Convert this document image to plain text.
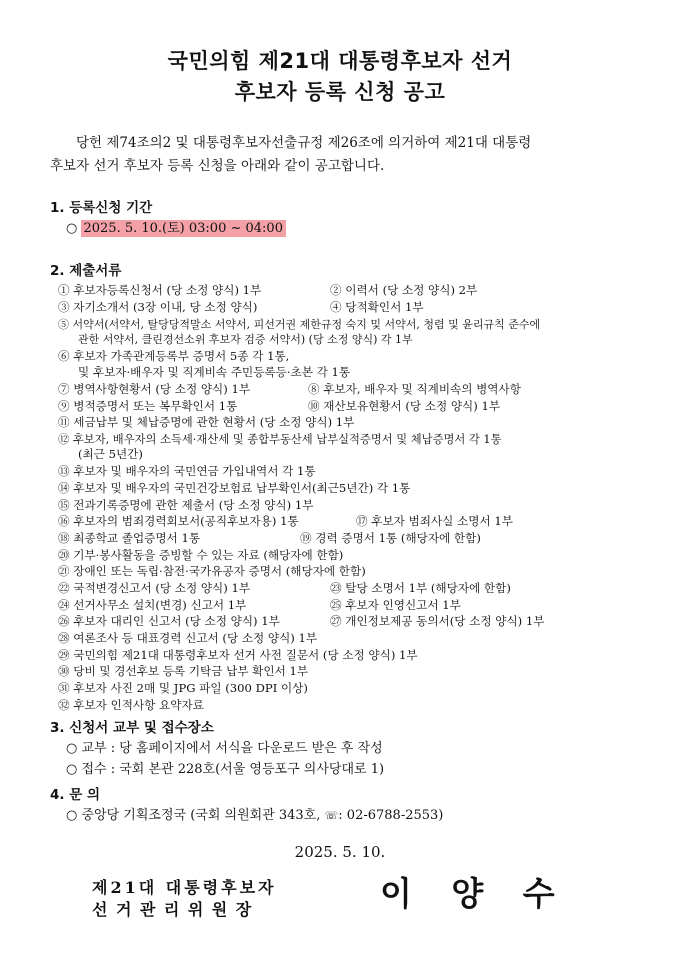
국민의힘 제21대 대통령후보자 선거
후보자 등록 신청 공고
당헌 제74조의2 및 대통령후보자선출규정 제26조에 의거하여 제21대 대통령
후보자 선거 후보자 등록 신청을 아래와 같이 공고합니다.
1. 등록신청 기간
○ 2025. 5. 10.(토) 03:00 ~ 04:00
2. 제출서류
① 후보자등록신청서 (당 소정 양식) 1부	② 이력서 (당 소정 양식) 2부
③ 자기소개서 (3장 이내, 당 소정 양식)	④ 당적확인서 1부
⑤ 서약서(서약서, 탈당당적말소 서약서, 피선거권 제한규정 숙지 및 서약서, 청렴 및 윤리규칙 준수에
관한 서약서, 클린경선소위 후보자 검증 서약서) (당 소정 양식) 각 1부
⑥ 후보자 가족관계등록부 증명서 5종 각 1통,
및 후보자·배우자 및 직계비속 주민등록등·초본 각 1통
⑦ 병역사항현황서 (당 소정 양식) 1부	⑧ 후보자, 배우자 및 직계비속의 병역사항
⑨ 병적증명서 또는 복무확인서 1통	⑩ 재산보유현황서 (당 소정 양식) 1부
⑪ 세금납부 및 체납증명에 관한 현황서 (당 소정 양식) 1부
⑫ 후보자, 배우자의 소득세·재산세 및 종합부동산세 납부실적증명서 및 체납증명서 각 1통
(최근 5년간)
⑬ 후보자 및 배우자의 국민연금 가입내역서 각 1통
⑭ 후보자 및 배우자의 국민건강보험료 납부확인서(최근5년간) 각 1통
⑮ 전과기록증명에 관한 제출서 (당 소정 양식) 1부
⑯ 후보자의 범죄경력회보서(공직후보자용) 1통	⑰ 후보자 범죄사실 소명서 1부
⑱ 최종학교 졸업증명서 1통	⑲ 경력 증명서 1통 (해당자에 한함)
⑳ 기부·봉사활동을 증빙할 수 있는 자료 (해당자에 한함)
㉑ 장애인 또는 독립·참전·국가유공자 증명서 (해당자에 한함)
㉒ 국적변경신고서 (당 소정 양식) 1부	㉓ 탈당 소명서 1부 (해당자에 한함)
㉔ 선거사무소 설치(변경) 신고서 1부	㉕ 후보자 인영신고서 1부
㉖ 후보자 대리인 신고서 (당 소정 양식) 1부	㉗ 개인정보제공 동의서(당 소정 양식) 1부
㉘ 여론조사 등 대표경력 신고서 (당 소정 양식) 1부
㉙ 국민의힘 제21대 대통령후보자 선거 사전 질문서 (당 소정 양식) 1부
㉚ 당비 및 경선후보 등록 기탁금 납부 확인서 1부
㉛ 후보자 사진 2매 및 JPG 파일 (300 DPI 이상)
㉜ 후보자 인적사항 요약자료
3. 신청서 교부 및 접수장소
○ 교부 : 당 홈페이지에서 서식을 다운로드 받은 후 작성
○ 접수 : 국회 본관 228호(서울 영등포구 의사당대로 1)
4. 문 의
○ 중앙당 기획조정국 (국회 의원회관 343호, ☏: 02-6788-2553)
2025. 5. 10.
제21대 대통령후보자
선거관리위원장	이 양 수
